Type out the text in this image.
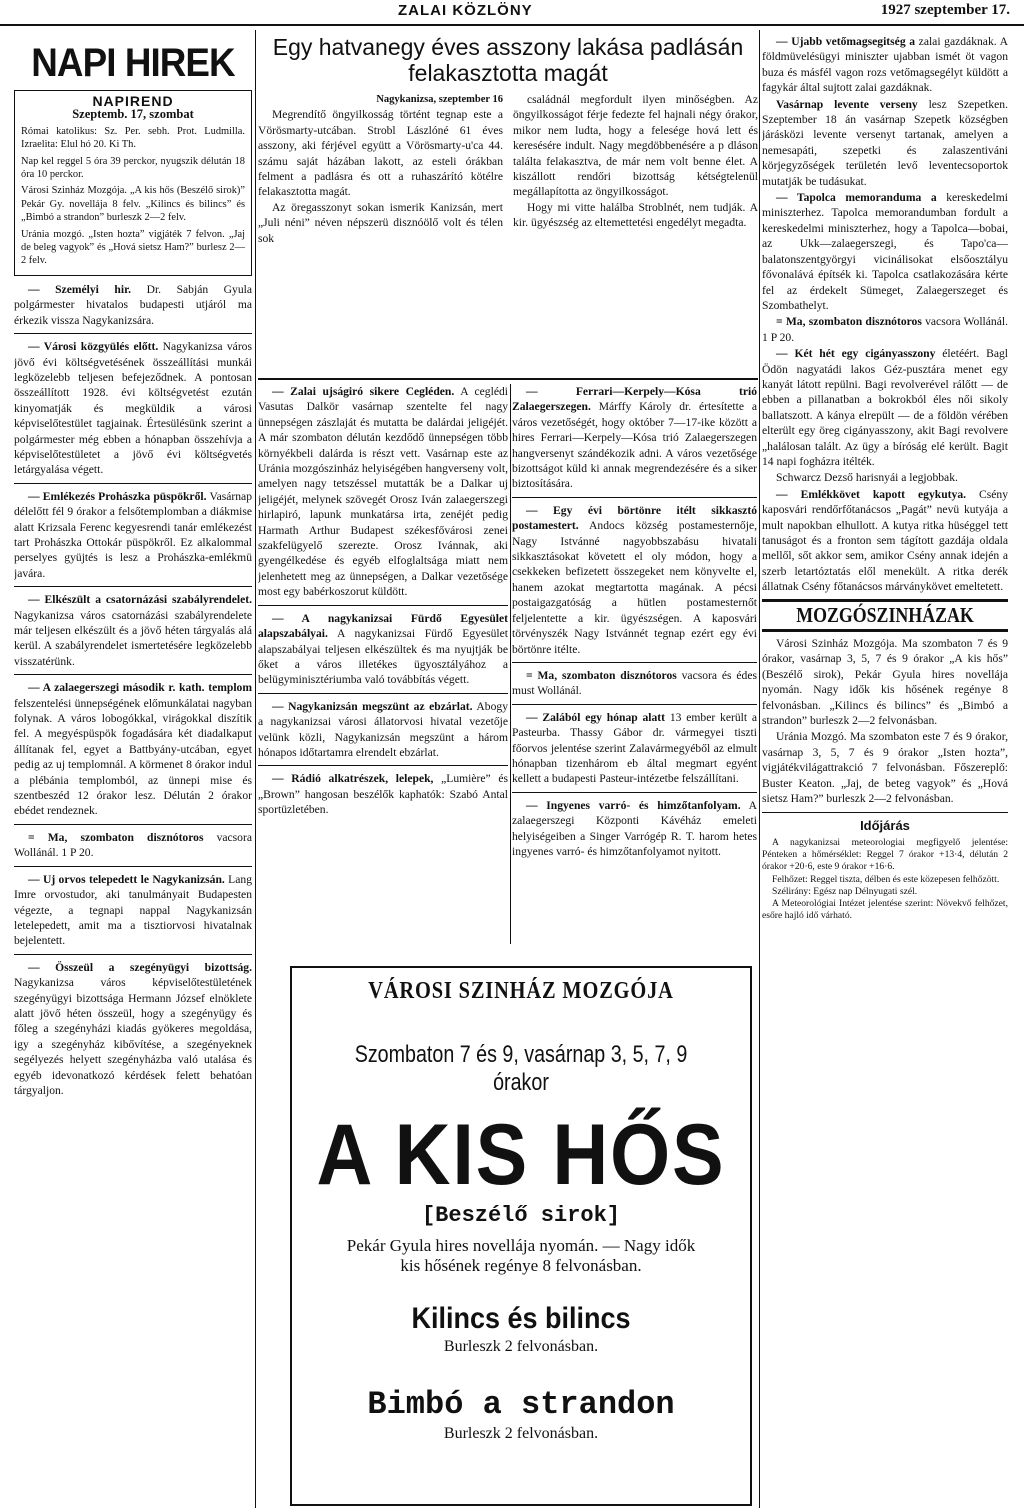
ZALAI KÖZLÖNY	1927 szeptember 17.
NAPI HIREK
NAPIREND
Szeptemb. 17, szombat

Római katolikus: Sz. Per. sebh. Prot. Ludmilla. Izraelita: Elul hó 20. Ki Th.

Nap kel reggel 5 óra 39 perckor, nyugszik délután 18 óra 10 perckor.

Városi Szinház Mozgója. „A kis hős (Beszélő sirok)” Pekár Gy. novellája 8 felv. „Kilincs és bilincs” és „Bimbó a strandon” burleszk 2—2 felv.

Uránia mozgó. „Isten hozta” vigjáték 7 felvon. „Jaj de beleg vagyok” és „Hová sietsz Ham?” burlesz 2—2 felv.

— Személyi hir. Dr. Sabján Gyula polgármester hivatalos budapesti utjáról ma érkezik vissza Nagykanizsára.

— Városi közgyülés előtt. Nagykanizsa város jövő évi költségvetésének összeállítási munkái legközelebb teljesen befejeződnek. A pontosan összeállított 1928. évi költségvetést ezután kinyomatják és megküldik a városi képviselőtestület tagjainak. Értesülésünk szerint a polgármester még ebben a hónapban összehívja a képviselőtestületet a jövő évi költségvetés letárgyalása végett.

— Emlékezés Prohászka püspökről. Vasárnap délelőtt fél 9 órakor a felsőtemplomban a diákmise alatt Krizsala Ferenc kegyesrendi tanár emlékezést tart Prohászka Ottokár püspökről. Ez alkalommal perselyes gyüjtés is lesz a Prohászka-emlékmü javára.

— Elkészült a csatornázási szabályrendelet. Nagykanizsa város csatornázási szabályrendelete már teljesen elkészült és a jövő héten tárgyalás alá kerül. A szabályrendelet ismertetésére legközelebb visszatérünk.

— A zalaegerszegi második r. kath. templom felszentelési ünnepségének előmunkálatai nagyban folynak. A város lobogókkal, virágokkal diszítik fel. A megyéspüspök fogadására két diadalkaput állítanak fel, egyet a Battbyány-utcában, egyet pedig az uj templomnál. A körmenet 8 órakor indul a plébánia templomból, az ünnepi mise és szentbeszéd 12 órakor lesz. Délután 2 órakor ebédet rendeznek.

= Ma, szombaton disznótoros vacsora Wollánál. 1 P 20.

— Uj orvos telepedett le Nagykanizsán. Lang Imre orvostudor, aki tanulmányait Budapesten végezte, a tegnapi nappal Nagykanizsán letelepedett, amit ma a tisztiorvosi hivatalnak bejelentett.

— Összeül a szegényügyi bizottság. Nagykanizsa város képviselőtestületének szegényügyi bizottsága Hermann József elnöklete alatt jövő héten összeül, hogy a szegényügy és főleg a szegényházi kiadás gyökeres megoldása, igy a szegényház kibővítése, a szegényeknek segélyezés helyett szegényházba való utalása és egyéb idevonatkozó kérdések felett behatóan tárgyaljon.

Egy hatvanegy éves asszony lakása padlásán felakasztotta magát

Nagykanizsa, szeptember 16

Megrendítő öngyilkosság történt tegnap este a Vörösmarty-utcában. Strobl Lászlóné 61 éves asszony, aki férjével együtt a Vörösmarty-u'ca 44. számu saját házában lakott, az esteli órákban felment a padlásra és ott a ruhaszárító kötélre felakasztotta magát.

Az öregasszonyt sokan ismerik Kanizsán, mert „Juli néni” néven népszerü disznóölő volt és télen sok

családnál megfordult ilyen minőségben. Az öngyilkosságot férje fedezte fel hajnali négy órakor, mikor nem ludta, hogy a felesége hová lett és keresésére indult. Nagy megdöbbenésére a p dláson találta felakasztva, de már nem volt benne élet. A kiszállott rendőri bizottság kétségtelenül megállapította az öngyilkosságot.

Hogy mi vitte halálba Stroblnét, nem tudják. A kir. ügyészség az eltemettetési engedélyt megadta.

— Zalai ujságiró sikere Cegléden. A ceglédi Vasutas Dalkör vasárnap szentelte fel nagy ünnepségen zászlaját és mutatta be dalárdai jeligéjét. A már szombaton délután kezdődő ünnepségen több környékbeli dalárda is részt vett. Vasárnap este az Uránia mozgószinház helyiségében hangverseny volt, amelyen nagy tetszéssel mutatták be a Dalkar uj jeligéjét, melynek szövegét Orosz Iván zalaegerszegi hirlapiró, lapunk munkatársa irta, zenéjét pedig Harmath Arthur Budapest székesfővárosi zenei szakfelügyelő szerezte. Orosz Ivánnak, aki gyengélkedése és egyéb elfoglaltsága miatt nem jelenhetett meg az ünnepségen, a Dalkar vezetősége most egy babérkoszorut küldött.

— A nagykanizsai Fürdő Egyesület alapszabályai. A nagykanizsai Fürdő Egyesület alapszabályai teljesen elkészültek és ma nyujtják be őket a város illetékes ügyosztályához a belügyminisztériumba való továbbítás végett.

— Nagykanizsán megszünt az ebzárlat. Abogy a nagykanizsai városi állatorvosi hivatal vezetője velünk közli, Nagykanizsán megszünt a három hónapos időtartamra elrendelt ebzárlat.

— Rádió alkatrészek, lelepek, „Lumière” és „Brown” hangosan beszélők kaphatók: Szabó Antal sportüzletében.

— Ferrari—Kerpely—Kósa trió Zalaegerszegen. Márffy Károly dr. értesítette a város vezetőségét, hogy október 7—17-ike között a hires Ferrari—Kerpely—Kósa trió Zalaegerszegen hangversenyt szándékozik adni. A város vezetősége bizottságot küld ki annak megrendezésére és a siker biztosítására.

— Egy évi börtönre itélt sikkasztó postamestert. Andocs község postamesternője, Nagy Istvánné nagyobbszabásu hivatali sikkasztásokat követett el oly módon, hogy a csekkeken befizetett összegeket nem könyvelte el, hanem azokat megtartotta magának. A pécsi postaigazgatóság a hütlen postamesternőt feljelentette a kir. ügyészségen. A kaposvári törvényszék Nagy Istvánnét tegnap ezért egy évi börtönre itélte.

= Ma, szombaton disznótoros vacsora és édes must Wollánál.

— Zalából egy hónap alatt 13 ember került a Pasteurba. Thassy Gábor dr. vármegyei tiszti főorvos jelentése szerint Zalavármegyéből az elmult hónapban tizenhárom eb által megmart egyént kellett a budapesti Pasteur-intézetbe felszállítani.

— Ingyenes varró- és himzőtanfolyam. A zalaegerszegi Központi Kávéház emeleti helyiségeiben a Singer Varrógép R. T. harom hetes ingyenes varró- és himzőtanfolyamot nyitott.

VÁROSI SZINHÁZ MOZGÓJA
Szombaton 7 és 9, vasárnap 3, 5, 7, 9 órakor
A KIS HŐS
[Beszélő sirok]
Pekár Gyula hires novellája nyomán. — Nagy idők
kis hősének regénye 8 felvonásban.
Kilincs és bilincs
Burleszk 2 felvonásban.
Bimbó a strandon
Burleszk 2 felvonásban.

— Ujabb vetőmagsegitség a zalai gazdáknak. A földmüvelésügyi miniszter ujabban ismét öt vagon buza és másfél vagon rozs vetőmagsegélyt küldött a fagykár által sujtott zalai gazdáknak.

Vasárnap levente verseny lesz Szepetken. Szeptember 18 án vasárnap Szepetk községben járásközi levente versenyt tartanak, amelyen a nemesapáti, szepetki és zalaszentiváni körjegyzőségek területén levő leventecsoportok mutatják be tudásukat.

— Tapolca memoranduma a kereskedelmi miniszterhez. Tapolca memorandumban fordult a kereskedelmi miniszterhez, hogy a Tapolca—bobai, az Ukk—zalaegerszegi, és Tapo'ca—balatonszentgyörgyi vicinálisokat elsőosztályu fővonalává építsék ki. Tapolca csatlakozására kérte fel az érdekelt Sümeget, Zalaegerszeget és Szombathelyt.

= Ma, szombaton disznótoros vacsora Wollánál. 1 P 20.

— Két hét egy cigányasszony életéért. Bagl Ödön nagyatádi lakos Géz-pusztára menet egy kanyát látott repülni. Bagi revolverével rálőtt — de ebben a pillanatban a bokrokból éles női sikoly ballatszott. A kánya elrepült — de a földön vérében elterült egy öreg cigányasszony, akit Bagi revolvere „halálosan talált. Az ügy a bíróság elé került. Bagit 14 napi fogházra itélték.

Schwarcz Dezső harisnyái a legjobbak.

— Emlékkövet kapott egykutya. Csény kaposvári rendőrfőtanácsos „Pagát” nevü kutyája a mult napokban elhullott. A kutya ritka hüséggel tett tanuságot és a fronton sem tágított gazdája oldala mellől, sőt akkor sem, amikor Csény annak idején a szerb letartóztatás elől menekült. A ritka derék állatnak Csény főtanácsos márványkövet emeltetett.

MOZGÓSZINHÁZAK

Városi Szinház Mozgója. Ma szombaton 7 és 9 órakor, vasárnap 3, 5, 7 és 9 órakor „A kis hős” (Beszélő sirok), Pekár Gyula hires novellája nyomán. Nagy idők kis hősének regénye 8 felvonásban. „Kilincs és bilincs” és „Bimbó a strandon” burleszk 2—2 felvonásban.

Uránia Mozgó. Ma szombaton este 7 és 9 órakor, vasárnap 3, 5, 7 és 9 órakor „Isten hozta”, vigjátékvilágattrakció 7 felvonásban. Főszereplő: Buster Keaton. „Jaj, de beteg vagyok” és „Hová sietsz Ham?” burleszk 2—2 felvonásban.

Időjárás

A nagykanizsai meteorologiai megfigyelő jelentése: Pénteken a hőmérséklet: Reggel 7 órakor +13·4, délután 2 órakor +20·6, este 9 órakor +16·6.

Felhőzet: Reggel tiszta, délben és este közepesen felhőzött.

Szélirány: Egész nap Délnyugati szél.

A Meteorológiai Intézet jelentése szerint: Növekvő felhőzet, esőre hajló idő várható.
